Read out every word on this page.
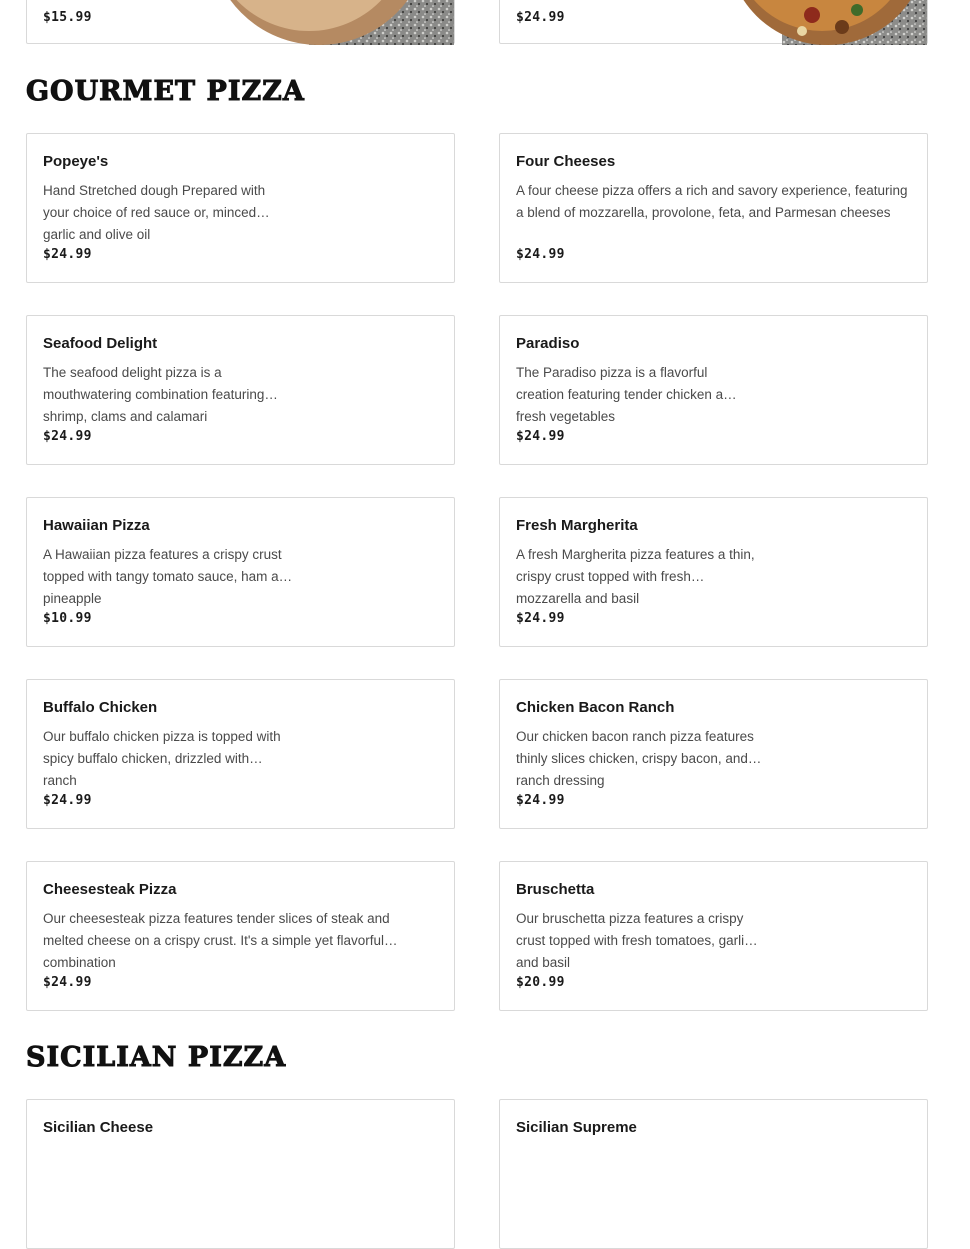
$15.99	$24.99
GOURMET PIZZA
Popeye's
Hand Stretched dough Prepared with your choice of red sauce or, minced garlic and olive oil
$24.99
Four Cheeses
A four cheese pizza offers a rich and savory experience, featuring a blend of mozzarella, provolone, feta, and Parmesan cheeses
$24.99
Seafood Delight
The seafood delight pizza is a mouthwatering combination featuring shrimp, clams and calamari
$24.99
Paradiso
The Paradiso pizza is a flavorful creation featuring tender chicken and fresh vegetables
$24.99
Hawaiian Pizza
A Hawaiian pizza features a crispy crust topped with tangy tomato sauce, ham and pineapple
$10.99
Fresh Margherita
A fresh Margherita pizza features a thin, crispy crust topped with fresh mozzarella and basil
$24.99
Buffalo Chicken
Our buffalo chicken pizza is topped with spicy buffalo chicken, drizzled with ranch
$24.99
Chicken Bacon Ranch
Our chicken bacon ranch pizza features thinly slices chicken, crispy bacon, and ranch dressing
$24.99
Cheesesteak Pizza
Our cheesesteak pizza features tender slices of steak and melted cheese on a crispy crust. It's a simple yet flavorful combination
$24.99
Bruschetta
Our bruschetta pizza features a crispy crust topped with fresh tomatoes, garlic and basil
$20.99
SICILIAN PIZZA
Sicilian Cheese	Sicilian Supreme
